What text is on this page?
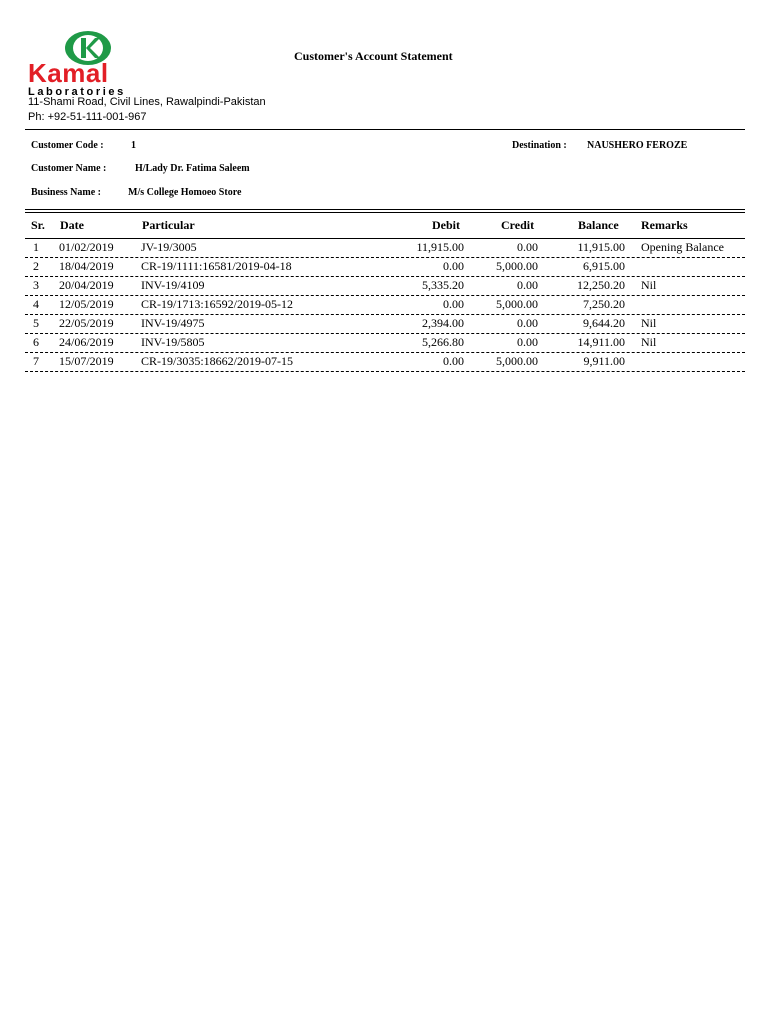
Kamal
Laboratories
11-Shami Road, Civil Lines, Rawalpindi-Pakistan
Ph: +92-51-111-001-967
Customer's Account Statement
Customer Code :	1	Destination : NAUSHERO FEROZE
Customer Name :	H/Lady Dr. Fatima Saleem
Business Name :	M/s College Homoeo Store
Sr. Date	Particular	Debit	Credit	Balance Remarks
1	01/02/2019 JV-19/3005	11,915.00	0.00	11,915.00 Opening Balance
2	18/04/2019 CR-19/1111:16581/2019-04-18	0.00	5,000.00	6,915.00
3	20/04/2019 INV-19/4109	5,335.20	0.00	12,250.20 Nil
4	12/05/2019 CR-19/1713:16592/2019-05-12	0.00	5,000.00	7,250.20
5	22/05/2019 INV-19/4975	2,394.00	0.00	9,644.20 Nil
6	24/06/2019 INV-19/5805	5,266.80	0.00	14,911.00 Nil
7	15/07/2019 CR-19/3035:18662/2019-07-15	0.00	5,000.00	9,911.00
